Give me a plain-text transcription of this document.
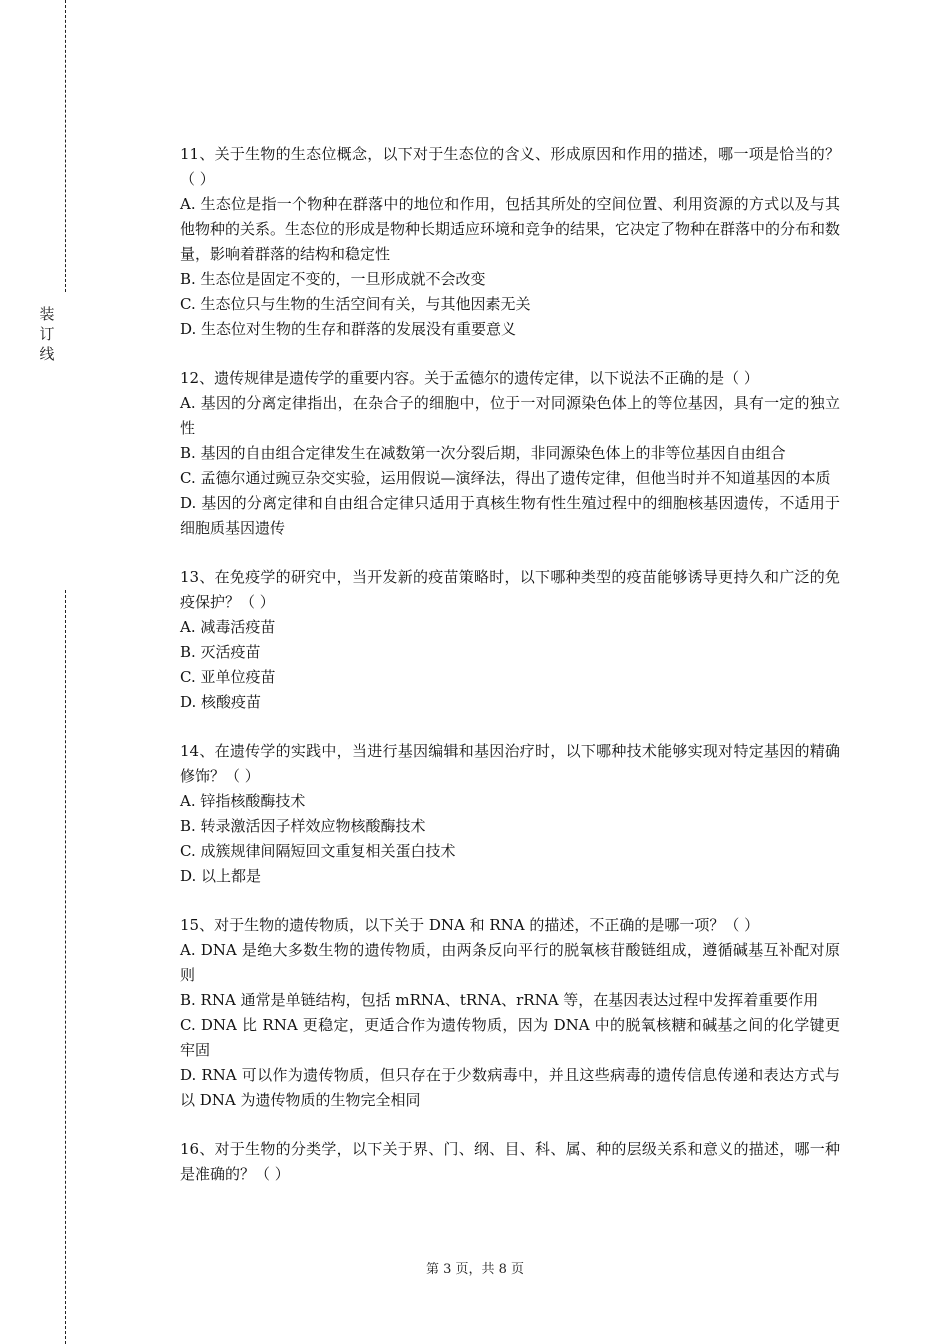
装
订
线

11、关于生物的生态位概念，以下对于生态位的含义、形成原因和作用的描述，哪一项是恰当的？（ ）

A. 生态位是指一个物种在群落中的地位和作用，包括其所处的空间位置、利用资源的方式以及与其他物种的关系。生态位的形成是物种长期适应环境和竞争的结果，它决定了物种在群落中的分布和数量，影响着群落的结构和稳定性

B. 生态位是固定不变的，一旦形成就不会改变

C. 生态位只与生物的生活空间有关，与其他因素无关

D. 生态位对生物的生存和群落的发展没有重要意义

12、遗传规律是遗传学的重要内容。关于孟德尔的遗传定律，以下说法不正确的是（ ）

A. 基因的分离定律指出，在杂合子的细胞中，位于一对同源染色体上的等位基因，具有一定的独立性

B. 基因的自由组合定律发生在减数第一次分裂后期，非同源染色体上的非等位基因自由组合

C. 孟德尔通过豌豆杂交实验，运用假说—演绎法，得出了遗传定律，但他当时并不知道基因的本质

D. 基因的分离定律和自由组合定律只适用于真核生物有性生殖过程中的细胞核基因遗传，不适用于细胞质基因遗传

13、在免疫学的研究中，当开发新的疫苗策略时，以下哪种类型的疫苗能够诱导更持久和广泛的免疫保护？（ ）

A. 减毒活疫苗

B. 灭活疫苗

C. 亚单位疫苗

D. 核酸疫苗

14、在遗传学的实践中，当进行基因编辑和基因治疗时，以下哪种技术能够实现对特定基因的精确修饰？（ ）

A. 锌指核酸酶技术

B. 转录激活因子样效应物核酸酶技术

C. 成簇规律间隔短回文重复相关蛋白技术

D. 以上都是

15、对于生物的遗传物质，以下关于 DNA 和 RNA 的描述，不正确的是哪一项？（ ）

A. DNA 是绝大多数生物的遗传物质，由两条反向平行的脱氧核苷酸链组成，遵循碱基互补配对原则

B. RNA 通常是单链结构，包括 mRNA、tRNA、rRNA 等，在基因表达过程中发挥着重要作用

C. DNA 比 RNA 更稳定，更适合作为遗传物质，因为 DNA 中的脱氧核糖和碱基之间的化学键更牢固

D. RNA 可以作为遗传物质，但只存在于少数病毒中，并且这些病毒的遗传信息传递和表达方式与以 DNA 为遗传物质的生物完全相同

16、对于生物的分类学，以下关于界、门、纲、目、科、属、种的层级关系和意义的描述，哪一种是准确的？（ ）

第 3 页，共 8 页
